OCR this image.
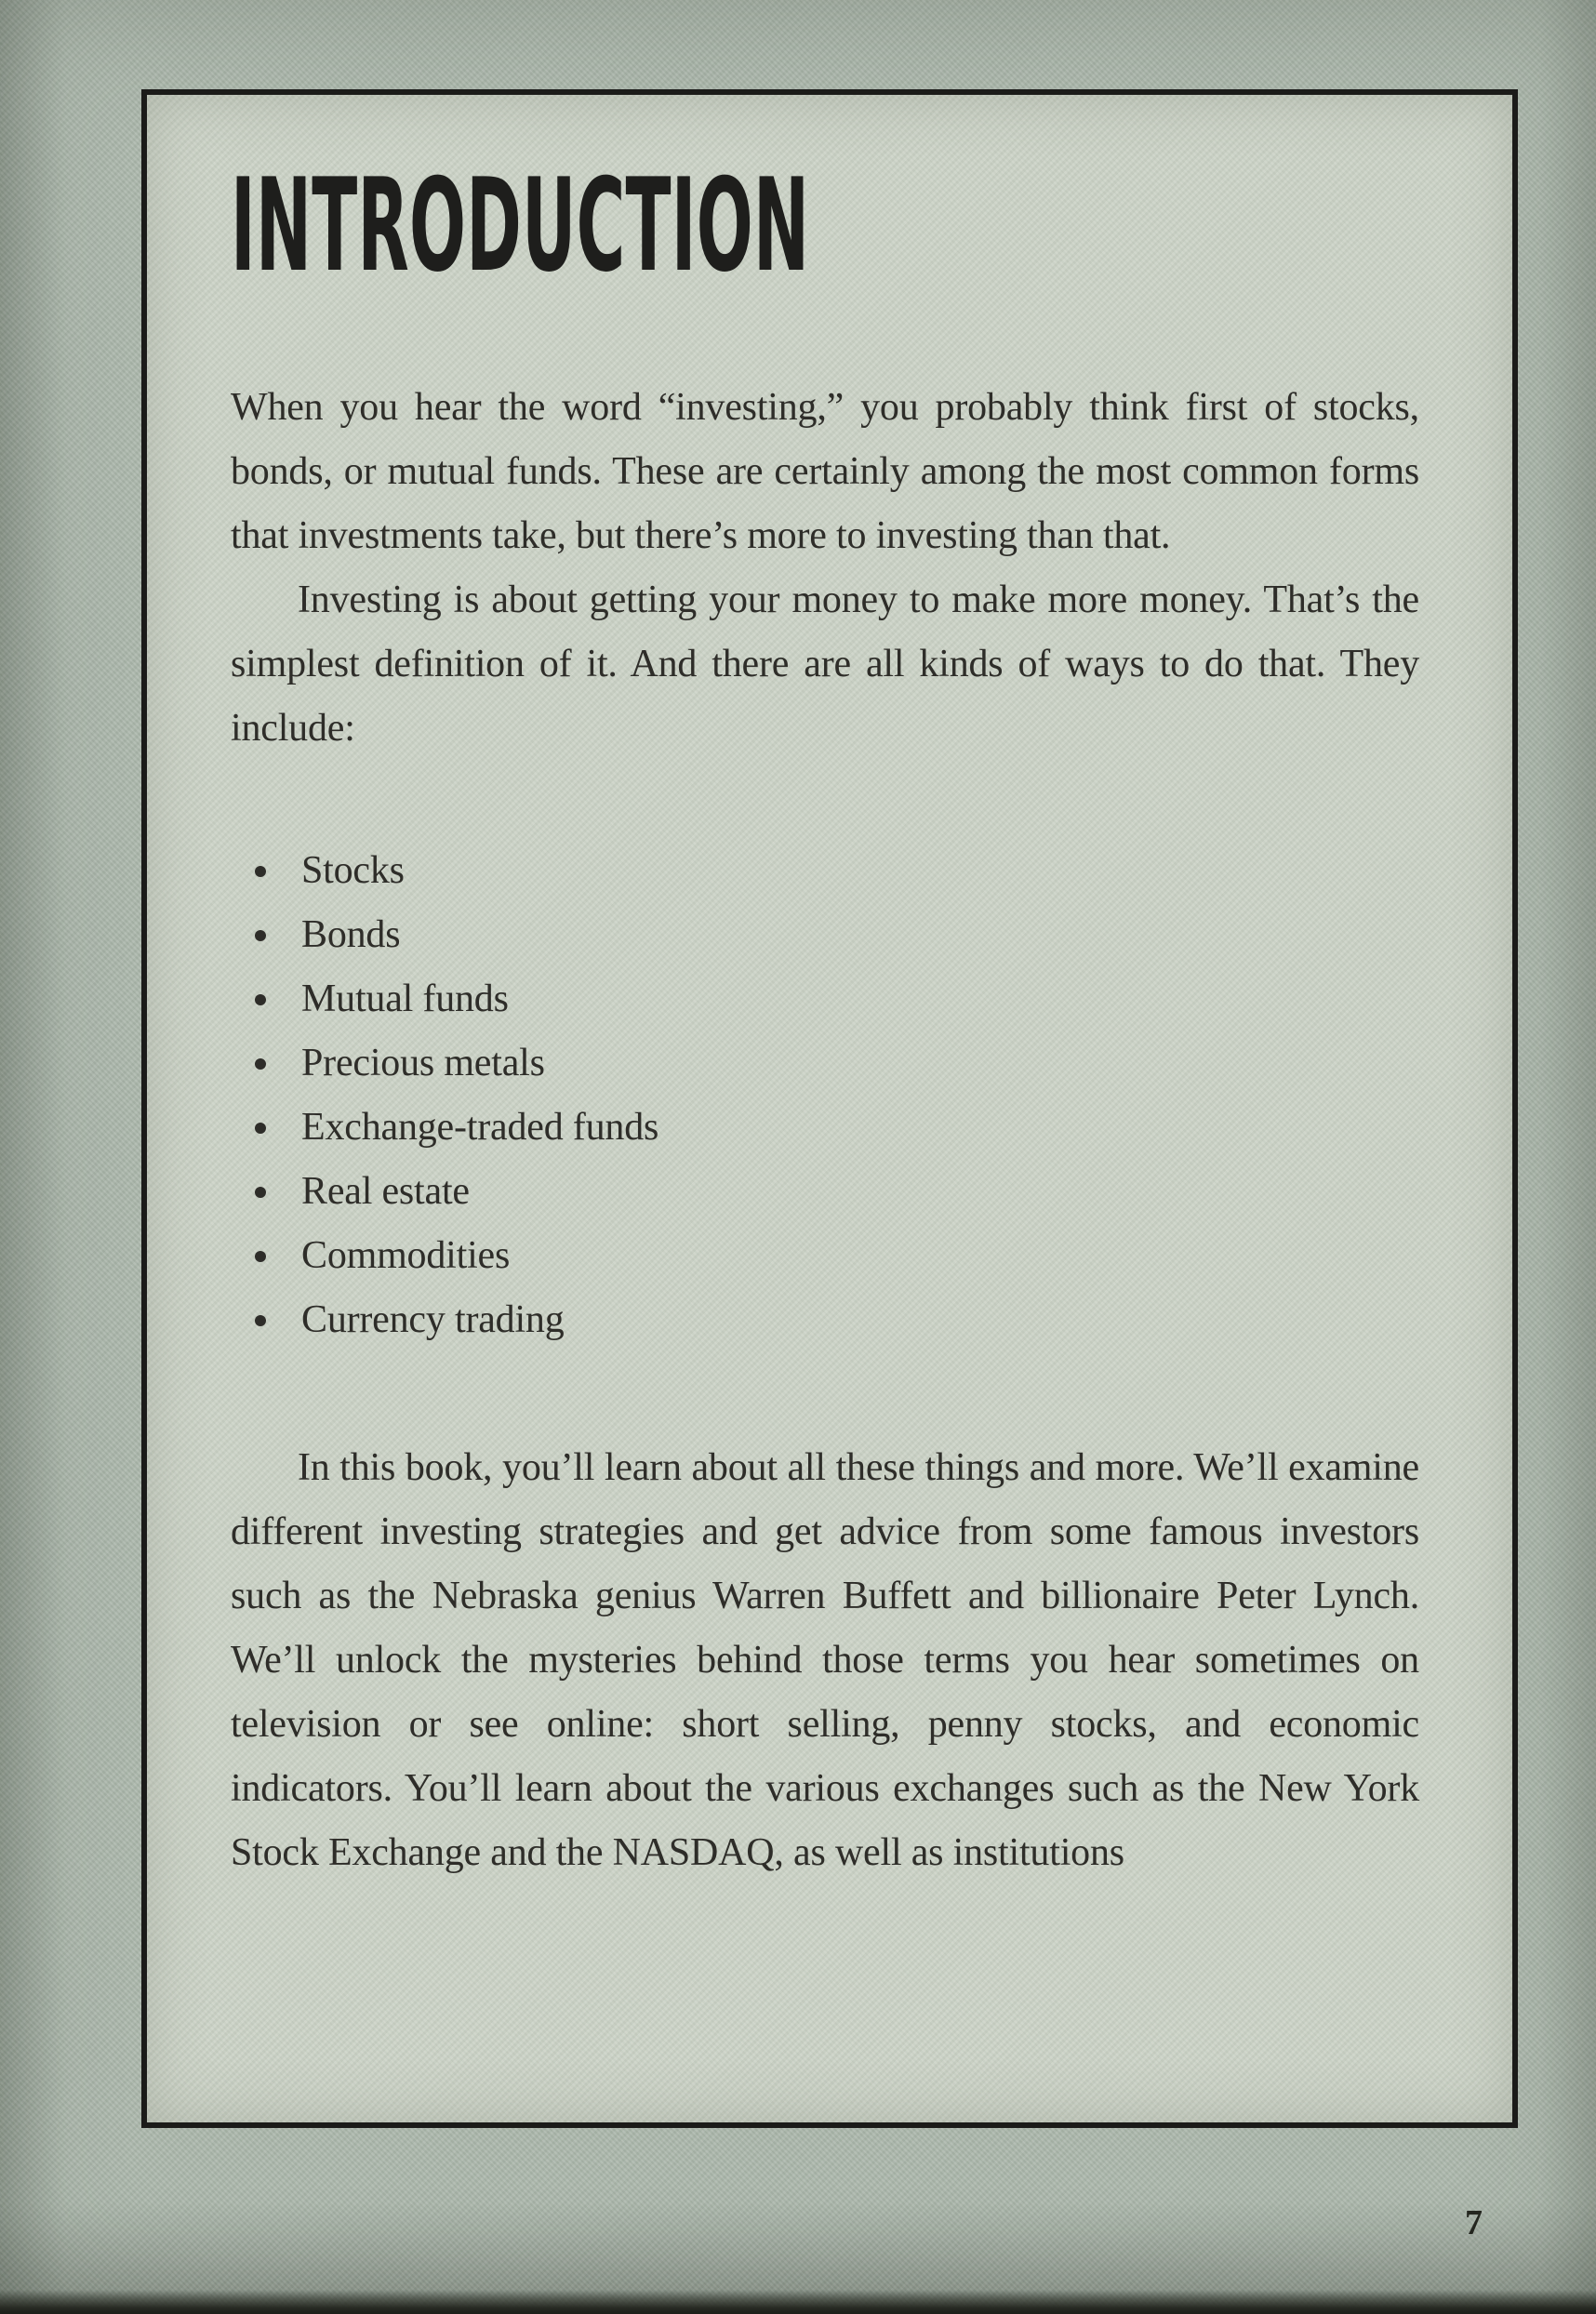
INTRODUCTION

When you hear the word “investing,” you probably think first of stocks, bonds, or mutual funds. These are certainly among the most common forms that investments take, but there’s more to investing than that.

Investing is about getting your money to make more money. That’s the simplest definition of it. And there are all kinds of ways to do that. They include:

Stocks
Bonds
Mutual funds
Precious metals
Exchange-traded funds
Real estate
Commodities
Currency trading

In this book, you’ll learn about all these things and more. We’ll examine different investing strategies and get advice from some famous investors such as the Nebraska genius Warren Buffett and billionaire Peter Lynch. We’ll unlock the mysteries behind those terms you hear sometimes on television or see online: short selling, penny stocks, and economic indicators. You’ll learn about the various exchanges such as the New York Stock Exchange and the NASDAQ, as well as institutions

7
